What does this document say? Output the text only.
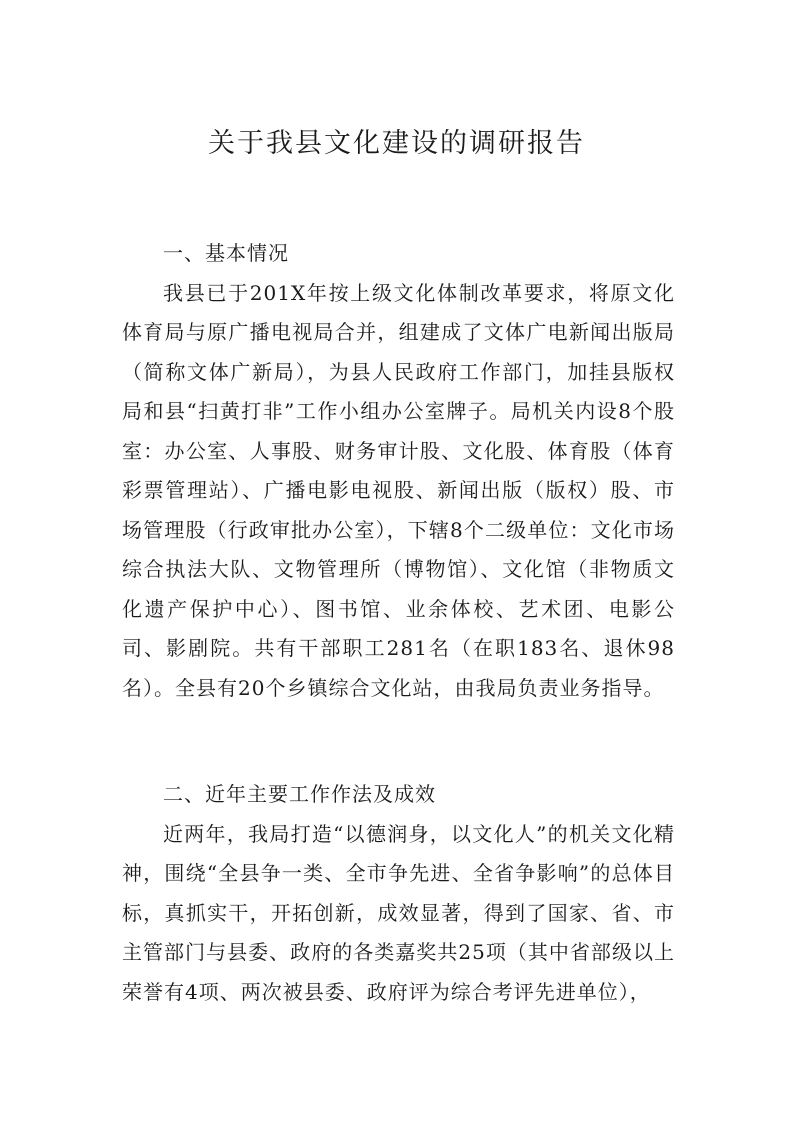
关于我县文化建设的调研报告

一、基本情况

我县已于201X年按上级文化体制改革要求，将原文化体育局与原广播电视局合并，组建成了文体广电新闻出版局（简称文体广新局），为县人民政府工作部门，加挂县版权局和县“扫黄打非”工作小组办公室牌子。局机关内设8个股室：办公室、人事股、财务审计股、文化股、体育股（体育彩票管理站）、广播电影电视股、新闻出版（版权）股、市场管理股（行政审批办公室），下辖8个二级单位：文化市场综合执法大队、文物管理所（博物馆）、文化馆（非物质文化遗产保护中心）、图书馆、业余体校、艺术团、电影公司、影剧院。共有干部职工281名（在职183名、退休98名）。全县有20个乡镇综合文化站，由我局负责业务指导。

二、近年主要工作作法及成效

近两年，我局打造“以德润身，以文化人”的机关文化精神，围绕“全县争一类、全市争先进、全省争影响”的总体目标，真抓实干，开拓创新，成效显著，得到了国家、省、市主管部门与县委、政府的各类嘉奖共25项（其中省部级以上荣誉有4项、两次被县委、政府评为综合考评先进单位），
